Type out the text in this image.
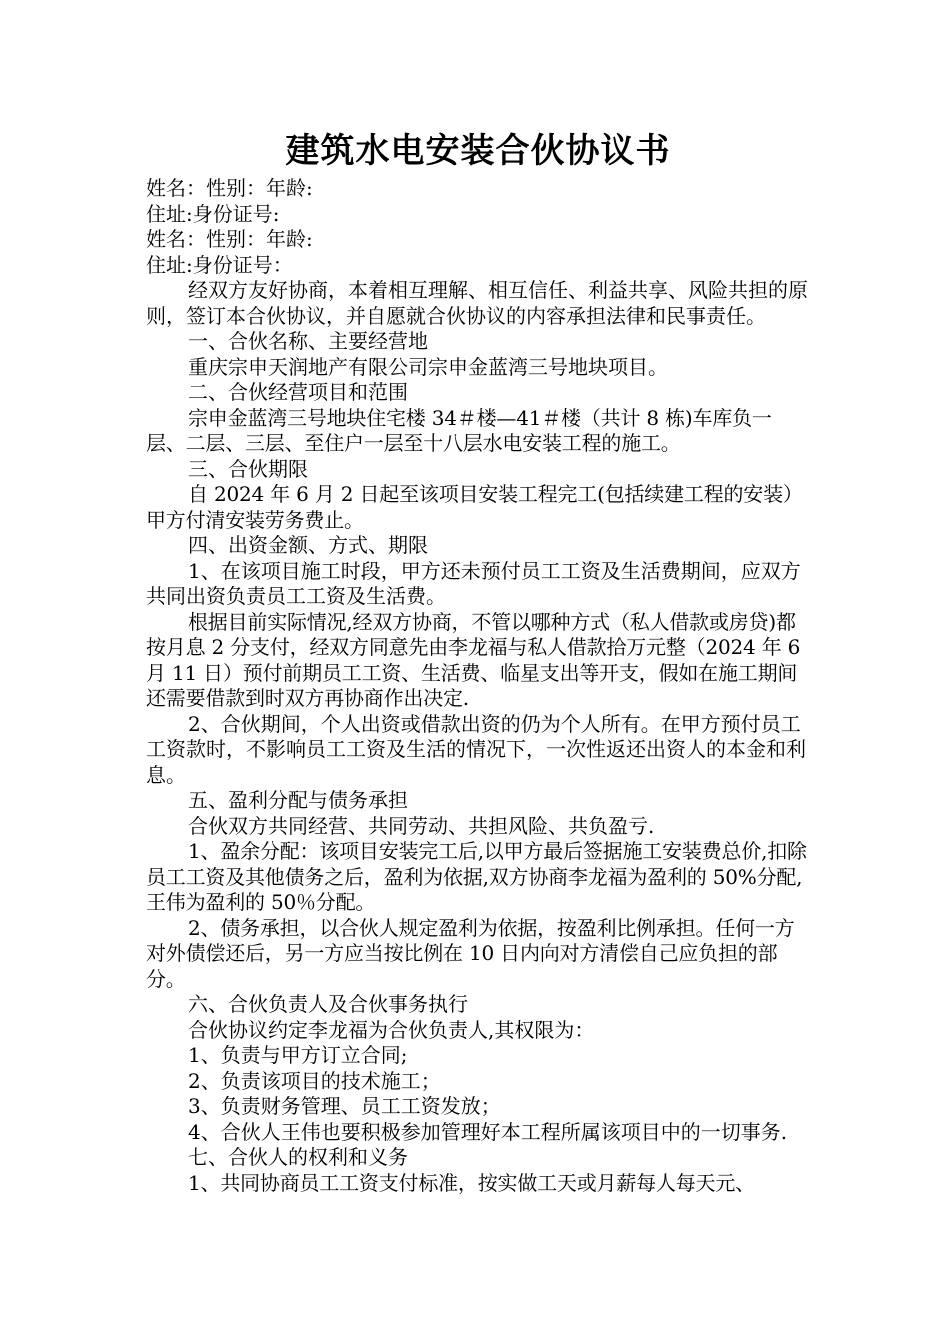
建筑水电安装合伙协议书

姓名：性别：年龄:

住址:身份证号:

姓名：性别：年龄:

住址:身份证号：

经双方友好协商，本着相互理解、相互信任、利益共享、风险共担的原则，签订本合伙协议，并自愿就合伙协议的内容承担法律和民事责任。

一、合伙名称、主要经营地

重庆宗申天润地产有限公司宗申金蓝湾三号地块项目。

二、合伙经营项目和范围

宗申金蓝湾三号地块住宅楼 34＃楼—41＃楼（共计 8 栋)车库负一层、二层、三层、至住户一层至十八层水电安装工程的施工。

三、合伙期限

自 2024 年 6 月 2 日起至该项目安装工程完工(包括续建工程的安装）甲方付清安装劳务费止。

四、出资金额、方式、期限

1、在该项目施工时段，甲方还未预付员工工资及生活费期间，应双方共同出资负责员工工资及生活费。

根据目前实际情况,经双方协商，不管以哪种方式（私人借款或房贷)都按月息 2 分支付，经双方同意先由李龙福与私人借款拾万元整（2024 年 6 月 11 日）预付前期员工工资、生活费、临星支出等开支，假如在施工期间还需要借款到时双方再协商作出决定.

2、合伙期间，个人出资或借款出资的仍为个人所有。在甲方预付员工工资款时，不影响员工工资及生活的情况下，一次性返还出资人的本金和利息。

五、盈利分配与债务承担

合伙双方共同经营、共同劳动、共担风险、共负盈亏.

1、盈余分配：该项目安装完工后,以甲方最后签据施工安装费总价,扣除员工工资及其他债务之后，盈利为依据,双方协商李龙福为盈利的 50%分配,王伟为盈利的 50％分配。

2、债务承担，以合伙人规定盈利为依据，按盈利比例承担。任何一方对外债偿还后，另一方应当按比例在 10 日内向对方清偿自己应负担的部分。

六、合伙负责人及合伙事务执行

合伙协议约定李龙福为合伙负责人,其权限为：

1、负责与甲方订立合同;

2、负责该项目的技术施工；

3、负责财务管理、员工工资发放；

4、合伙人王伟也要积极参加管理好本工程所属该项目中的一切事务.

七、合伙人的权利和义务

1、共同协商员工工资支付标准，按实做工天或月薪每人每天元、
